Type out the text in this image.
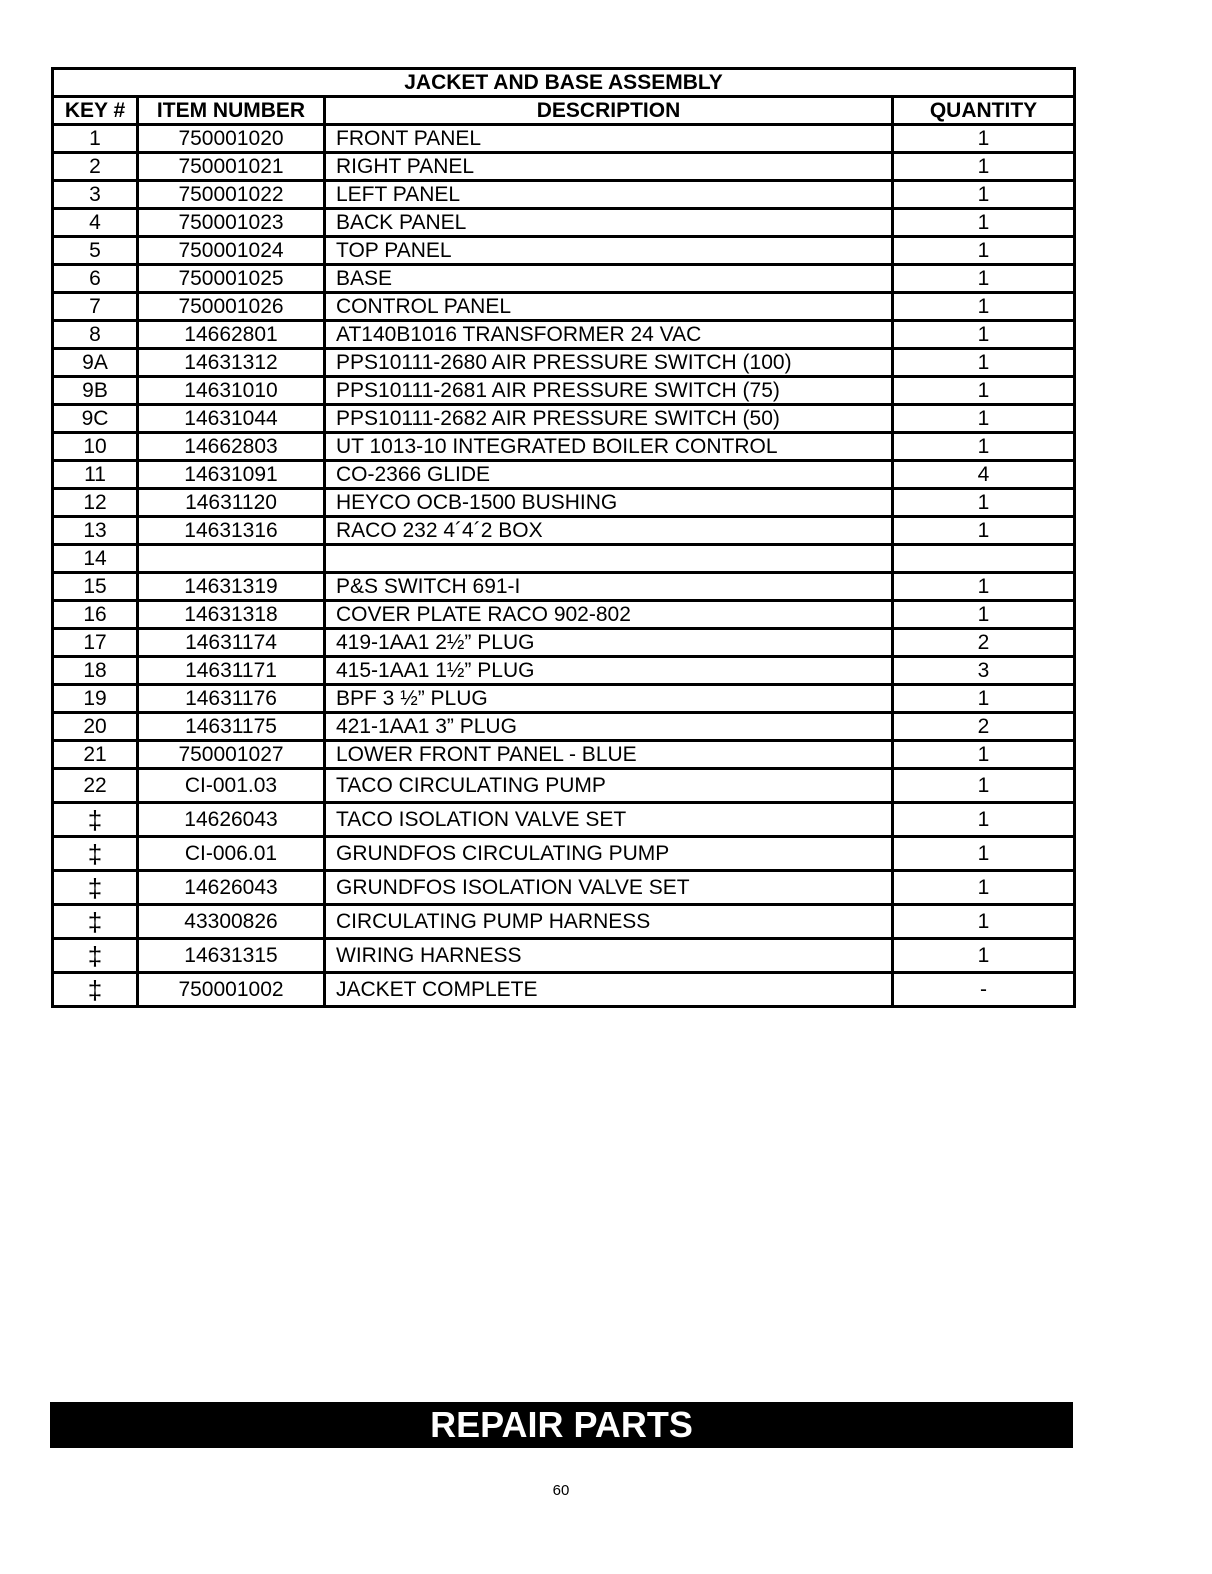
JACKET AND BASE ASSEMBLY			
KEY #	ITEM NUMBER	DESCRIPTION	QUANTITY
1	750001020	FRONT PANEL	1
2	750001021	RIGHT PANEL	1
3	750001022	LEFT PANEL	1
4	750001023	BACK PANEL	1
5	750001024	TOP PANEL	1
6	750001025	BASE	1
7	750001026	CONTROL PANEL	1
8	14662801	AT140B1016 TRANSFORMER 24 VAC	1
9A	14631312	PPS10111-2680 AIR PRESSURE SWITCH (100)	1
9B	14631010	PPS10111-2681 AIR PRESSURE SWITCH (75)	1
9C	14631044	PPS10111-2682 AIR PRESSURE SWITCH (50)	1
10	14662803	UT 1013-10 INTEGRATED BOILER CONTROL	1
11	14631091	CO-2366 GLIDE	4
12	14631120	HEYCO OCB-1500 BUSHING	1
13	14631316	RACO 232 4´4´2 BOX	1
14			
15	14631319	P&S SWITCH 691-I	1
16	14631318	COVER PLATE RACO 902-802	1
17	14631174	419-1AA1 2½” PLUG	2
18	14631171	415-1AA1 1½” PLUG	3
19	14631176	BPF 3 ½” PLUG	1
20	14631175	421-1AA1 3” PLUG	2
21	750001027	LOWER FRONT PANEL - BLUE	1
22	CI-001.03	TACO CIRCULATING PUMP	1
‡	14626043	TACO ISOLATION VALVE SET	1
‡	CI-006.01	GRUNDFOS CIRCULATING PUMP	1
‡	14626043	GRUNDFOS ISOLATION VALVE SET	1
‡	43300826	CIRCULATING PUMP HARNESS	1
‡	14631315	WIRING HARNESS	1
‡	750001002	JACKET COMPLETE	-
REPAIR PARTS
60
